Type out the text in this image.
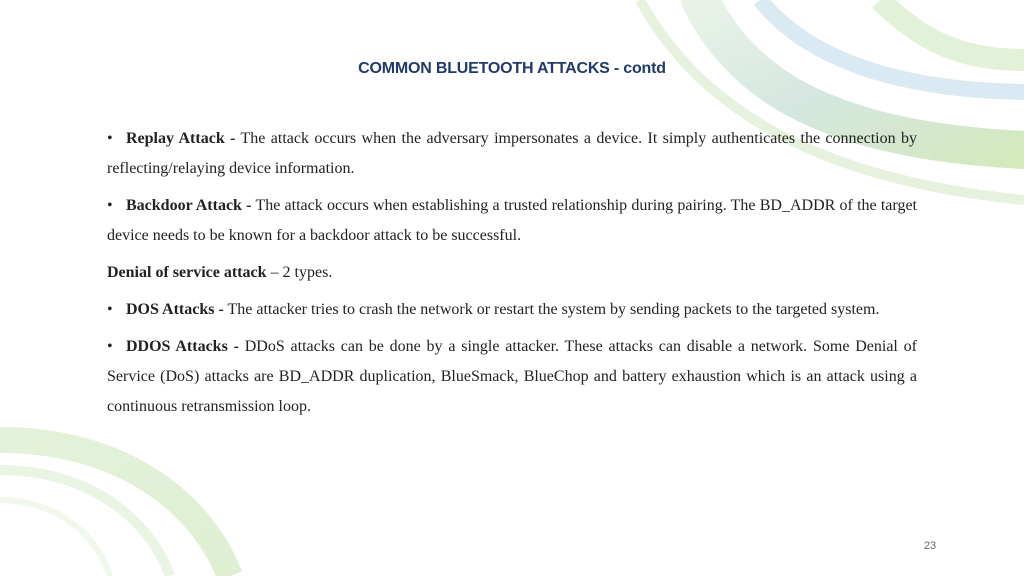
COMMON BLUETOOTH ATTACKS - contd

• Replay Attack - The attack occurs when the adversary impersonates a device. It simply authenticates the connection by reflecting/relaying device information.

• Backdoor Attack - The attack occurs when establishing a trusted relationship during pairing. The BD_ADDR of the target device needs to be known for a backdoor attack to be successful.

Denial of service attack – 2 types.

• DOS Attacks - The attacker tries to crash the network or restart the system by sending packets to the targeted system.

• DDOS Attacks - DDoS attacks can be done by a single attacker. These attacks can disable a network. Some Denial of Service (DoS) attacks are BD_ADDR duplication, BlueSmack, BlueChop and battery exhaustion which is an attack using a continuous retransmission loop.

23
